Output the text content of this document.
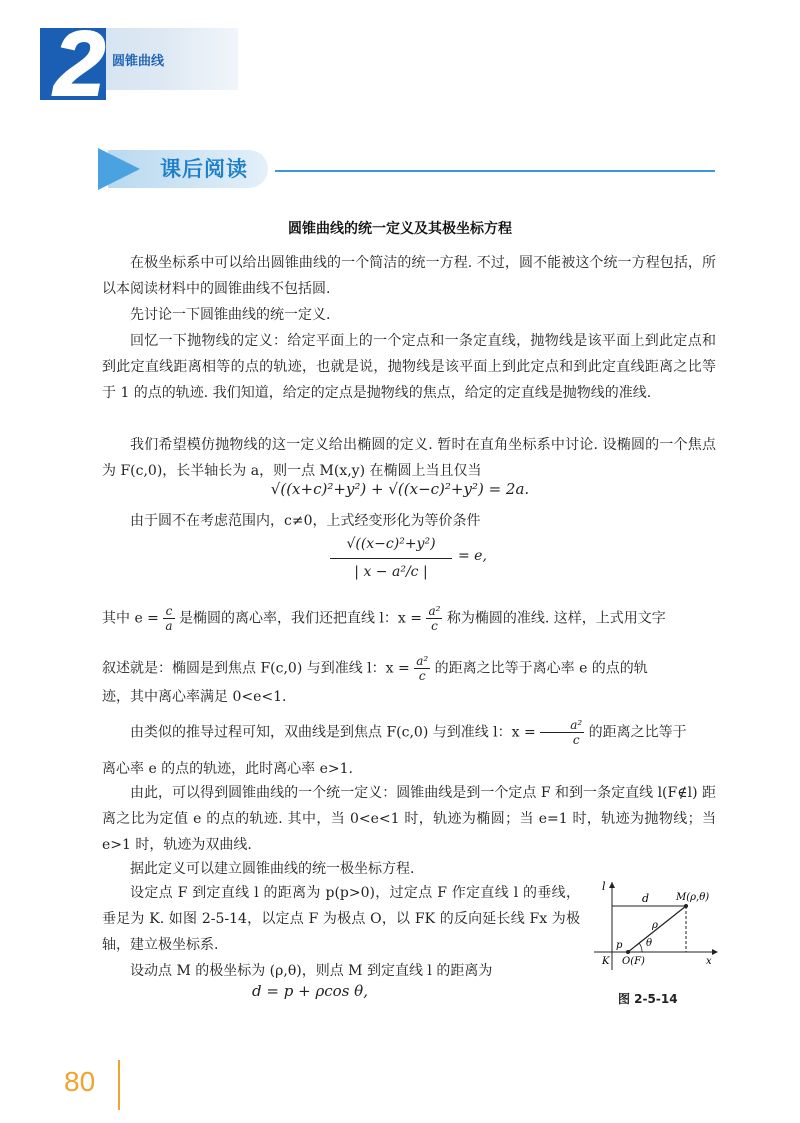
2 圆锥曲线
课后阅读
圆锥曲线的统一定义及其极坐标方程
在极坐标系中可以给出圆锥曲线的一个简洁的统一方程. 不过，圆不能被这个统一方程包括，所以本阅读材料中的圆锥曲线不包括圆.
先讨论一下圆锥曲线的统一定义.
回忆一下抛物线的定义：给定平面上的一个定点和一条定直线，抛物线是该平面上到此定点和到此定直线距离相等的点的轨迹，也就是说，抛物线是该平面上到此定点和到此定直线距离之比等于 1 的点的轨迹. 我们知道，给定的定点是抛物线的焦点，给定的定直线是抛物线的准线.
我们希望模仿抛物线的这一定义给出椭圆的定义. 暂时在直角坐标系中讨论. 设椭圆的一个焦点为 F(c,0)，长半轴长为 a，则一点 M(x,y) 在椭圆上当且仅当
√((x+c)²+y²) + √((x−c)²+y²) = 2a.
由于圆不在考虑范围内，c≠0，上式经变形化为等价条件
√((x−c)²+y²)
| x − a²/c |
= e,
其中 $e = \frac{c}{a}$ 是椭圆的离心率，我们还把直线 l：$x = \frac{\text{a²}}{c}$ 称为椭圆的准线. 这样，上式用文字
叙述就是：椭圆是到焦点 F(c,0) 与到准线 l：$x = \frac{\text{a²}}{c}$ 的距离之比等于离心率 e 的点的轨
迹，其中离心率满足 0<e<1.
由类似的推导过程可知，双曲线是到焦点 F(c,0) 与到准线 l：$x = \frac{\text{a²}}{c}$ 的距离之比等于
离心率 e 的点的轨迹，此时离心率 e>1.
由此，可以得到圆锥曲线的一个统一定义：圆锥曲线是到一个定点 F 和到一条定直线 l(F∉l) 距离之比为定值 e 的点的轨迹. 其中，当 0<e<1 时，轨迹为椭圆；当 e=1 时，轨迹为抛物线；当 e>1 时，轨迹为双曲线.
据此定义可以建立圆锥曲线的统一极坐标方程.
设定点 F 到定直线 l 的距离为 p(p>0)，过定点 F 作定直线 l 的垂线，垂足为 K. 如图 2-5-14，以定点 F 为极点 O，以 FK 的反向延长线 Fx 为极轴，建立极坐标系.
设动点 M 的极坐标为 (ρ,θ)，则点 M 到定直线 l 的距离为
d = p + ρcos θ,
l
d	M(ρ,θ)
ρ
p θ
K O(F)	x
图 2-5-14
80
